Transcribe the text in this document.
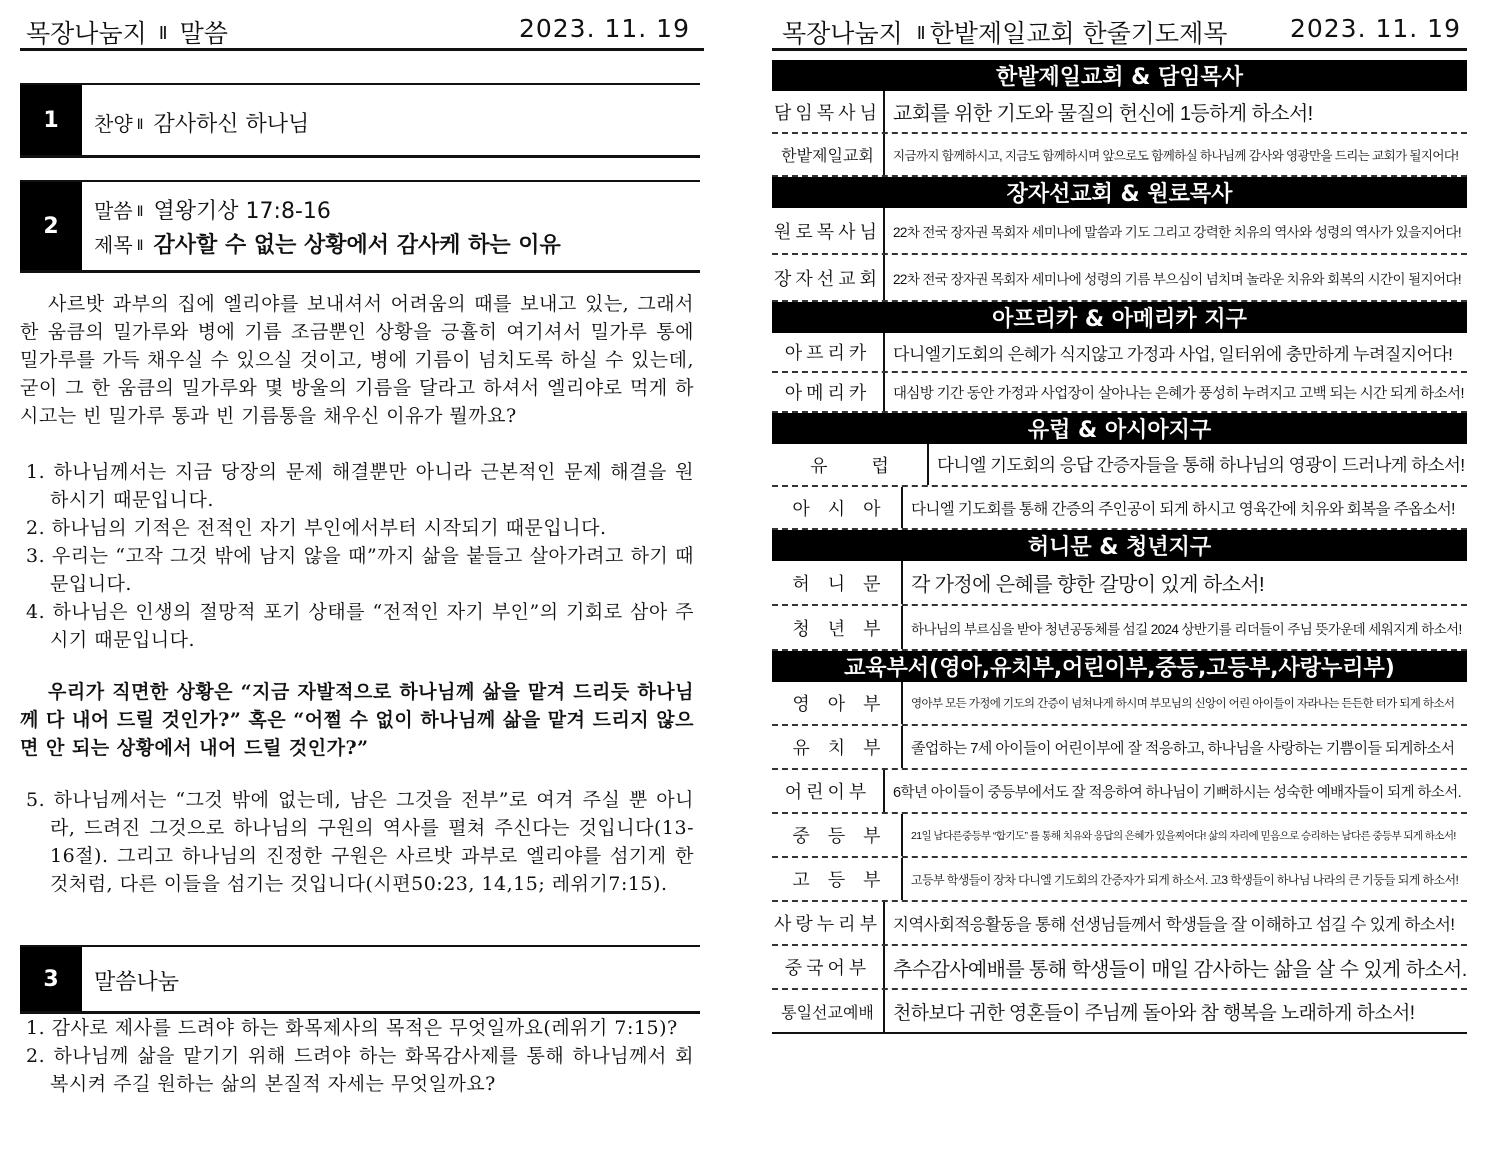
목장나눔지 Ⅱ 말씀	2023. 11. 19
1	찬양 Ⅱ 감사하신 하나님
2
말씀 Ⅱ 열왕기상 17:8-16
제목 Ⅱ 감사할 수 없는 상황에서 감사케 하는 이유
사르밧 과부의 집에 엘리야를 보내셔서 어려움의 때를 보내고 있는, 그래서 한 움큼의 밀가루와 병에 기름 조금뿐인 상황을 긍휼히 여기셔서 밀가루 통에 밀가루를 가득 채우실 수 있으실 것이고, 병에 기름이 넘치도록 하실 수 있는데, 굳이 그 한 움큼의 밀가루와 몇 방울의 기름을 달라고 하셔서 엘리야로 먹게 하시고는 빈 밀가루 통과 빈 기름통을 채우신 이유가 뭘까요?
1. 하나님께서는 지금 당장의 문제 해결뿐만 아니라 근본적인 문제 해결을 원하시기 때문입니다.
2. 하나님의 기적은 전적인 자기 부인에서부터 시작되기 때문입니다.
3. 우리는 “고작 그것 밖에 남지 않을 때”까지 삶을 붙들고 살아가려고 하기 때문입니다.
4. 하나님은 인생의 절망적 포기 상태를 “전적인 자기 부인”의 기회로 삼아 주시기 때문입니다.
우리가 직면한 상황은 “지금 자발적으로 하나님께 삶을 맡겨 드리듯 하나님께 다 내어 드릴 것인가?” 혹은 “어쩔 수 없이 하나님께 삶을 맡겨 드리지 않으면 안 되는 상황에서 내어 드릴 것인가?”
5. 하나님께서는 “그것 밖에 없는데, 남은 그것을 전부”로 여겨 주실 뿐 아니라, 드려진 그것으로 하나님의 구원의 역사를 펼쳐 주신다는 것입니다(13-16절). 그리고 하나님의 진정한 구원은 사르밧 과부로 엘리야를 섬기게 한 것처럼, 다른 이들을 섬기는 것입니다(시편50:23, 14,15; 레위기7:15).
3	말씀나눔
1. 감사로 제사를 드려야 하는 화목제사의 목적은 무엇일까요(레위기 7:15)?
2. 하나님께 삶을 맡기기 위해 드려야 하는 화목감사제를 통해 하나님께서 회복시켜 주길 원하는 삶의 본질적 자세는 무엇일까요?
목장나눔지 Ⅱ 한밭제일교회 한줄기도제목	2023. 11. 19
한밭제일교회 & 담임목사
담임목사님 교회를 위한 기도와 물질의 헌신에 1등하게 하소서!
한밭제일교회	지금까지 함께하시고, 지금도 함께하시며 앞으로도 함께하실 하나님께 감사와 영광만을 드리는 교회가 될지어다!
장자선교회 & 원로목사
원로목사님 22차 전국 장자권 목회자 세미나에 말씀과 기도 그리고 강력한 치유의 역사와 성령의 역사가 있을지어다!
장자선교회 22차 전국 장자권 목회자 세미나에 성령의 기름 부으심이 넘치며 놀라운 치유와 회복의 시간이 될지어다!
아프리카 & 아메리카 지구
아프리카	다니엘기도회의 은혜가 식지않고 가정과 사업, 일터위에 충만하게 누려질지어다!
아메리카	대심방 기간 동안 가정과 사업장이 살아나는 은혜가 풍성히 누려지고 고백 되는 시간 되게 하소서!
유럽 & 아시아지구
유럽 다니엘 기도회의 응답 간증자들을 통해 하나님의 영광이 드러나게 하소서!
아시아 다니엘 기도회를 통해 간증의 주인공이 되게 하시고 영육간에 치유와 회복을 주옵소서!
허니문 & 청년지구
허니문 각 가정에 은혜를 향한 갈망이 있게 하소서!
청년부 하나님의 부르심을 받아 청년공동체를 섬길 2024 상반기를 리더들이 주님 뜻가운데 세워지게 하소서!
교육부서(영아,유치부,어린이부,중등,고등부,사랑누리부)
영아부	영아부 모든 가정에 기도의 간증이 넘쳐나게 하시며 부모님의 신앙이 어린 아이들이 자라나는 든든한 터가 되게 하소서
유치부 졸업하는 7세 아이들이 어린이부에 잘 적응하고, 하나님을 사랑하는 기쁨이들 되게하소서
어린이부	6학년 아이들이 중등부에서도 잘 적응하여 하나님이 기뻐하시는 성숙한 예배자들이 되게 하소서.
중등부	21일 남다른중등부 “합기도” 를 통해 치유와 응답의 은혜가 있을찌어다! 삶의 자리에 믿음으로 승리하는 남다른 중등부 되게 하소서!
고등부	고등부 학생들이 장차 다니엘 기도회의 간증자가 되게 하소서. 고3 학생들이 하나님 나라의 큰 기둥들 되게 하소서!
사랑누리부 지역사회적응활동을 통해 선생님들께서 학생들을 잘 이해하고 섬길 수 있게 하소서!
중국어부	추수감사예배를 통해 학생들이 매일 감사하는 삶을 살 수 있게 하소서.
통일선교예배	천하보다 귀한 영혼들이 주님께 돌아와 참 행복을 노래하게 하소서!
